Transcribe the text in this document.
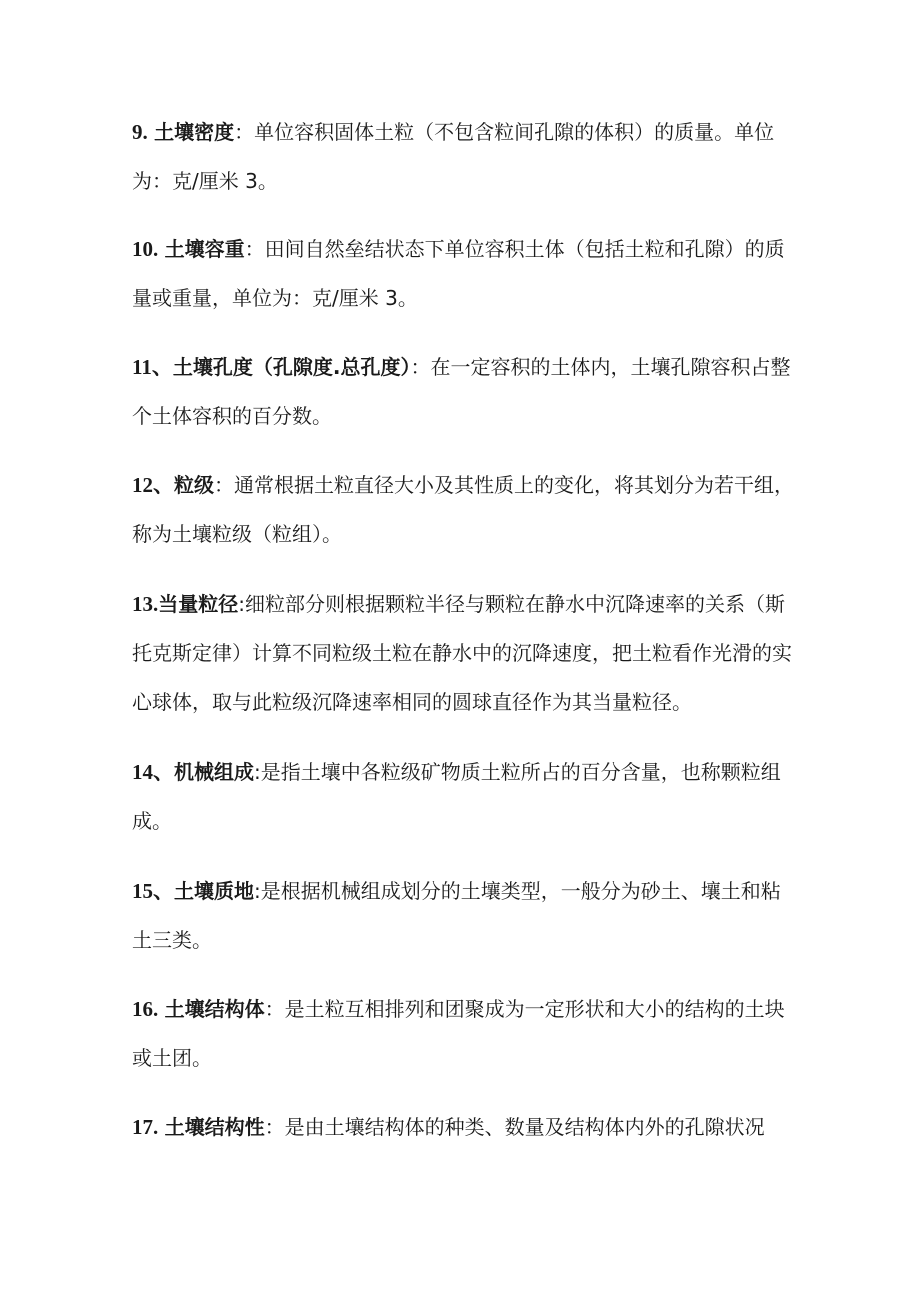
9. 土壤密度：单位容积固体土粒（不包含粒间孔隙的体积）的质量。单位为：克/厘米 3。

10. 土壤容重：田间自然垒结状态下单位容积土体（包括土粒和孔隙）的质量或重量，单位为：克/厘米 3。

11、土壤孔度（孔隙度.总孔度）：在一定容积的土体内，土壤孔隙容积占整个土体容积的百分数。

12、粒级：通常根据土粒直径大小及其性质上的变化，将其划分为若干组，称为土壤粒级（粒组）。

13.当量粒径:细粒部分则根据颗粒半径与颗粒在静水中沉降速率的关系（斯托克斯定律）计算不同粒级土粒在静水中的沉降速度，把土粒看作光滑的实心球体，取与此粒级沉降速率相同的圆球直径作为其当量粒径。

14、机械组成:是指土壤中各粒级矿物质土粒所占的百分含量，也称颗粒组成。

15、土壤质地:是根据机械组成划分的土壤类型，一般分为砂土、壤土和粘土三类。

16. 土壤结构体：是土粒互相排列和团聚成为一定形状和大小的结构的土块或土团。

17. 土壤结构性：是由土壤结构体的种类、数量及结构体内外的孔隙状况
